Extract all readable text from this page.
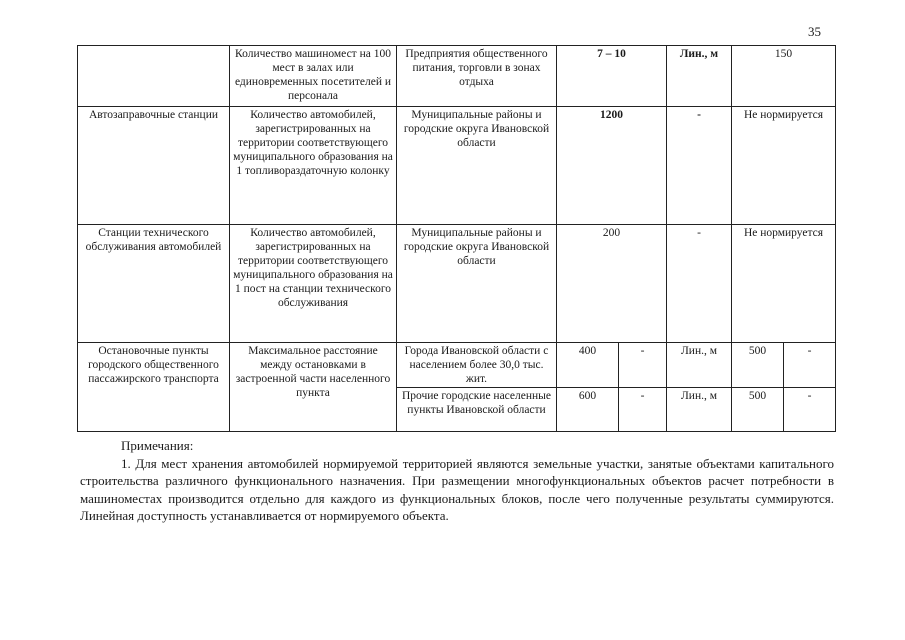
35
	Количество машиномест на 100 мест в залах или единовременных посетителей и персонала	Предприятия общественного питания, торговли в зонах отдыха	7 – 10		Лин., м	150	
Автозаправочные станции	Количество автомобилей, зарегистрированных на территории соответствующего муниципального образования на 1 топливораздаточную колонку	Муниципальные районы и городские округа Ивановской области	1200		-	Не нормируется	
Станции технического обслуживания автомобилей	Количество автомобилей, зарегистрированных на территории соответствующего муниципального образования на 1 пост на станции технического обслуживания	Муниципальные районы и городские округа Ивановской области	200		-	Не нормируется	
Остановочные пункты городского общественного пассажирского транспорта	Максимальное расстояние между остановками в застроенной части населенного пункта	Города Ивановской области с населением более 30,0 тыс. жит.	400	-	Лин., м	500	-
		Прочие городские населенные пункты Ивановской области	600	-	Лин., м	500	-
Примечания:
1. Для мест хранения автомобилей нормируемой территорией являются земельные участки, занятые объектами капитального строительства различного функционального назначения. При размещении многофункциональных объектов расчет потребности в машиноместах производится отдельно для каждого из функциональных блоков, после чего полученные результаты суммируются. Линейная доступность устанавливается от нормируемого объекта.
